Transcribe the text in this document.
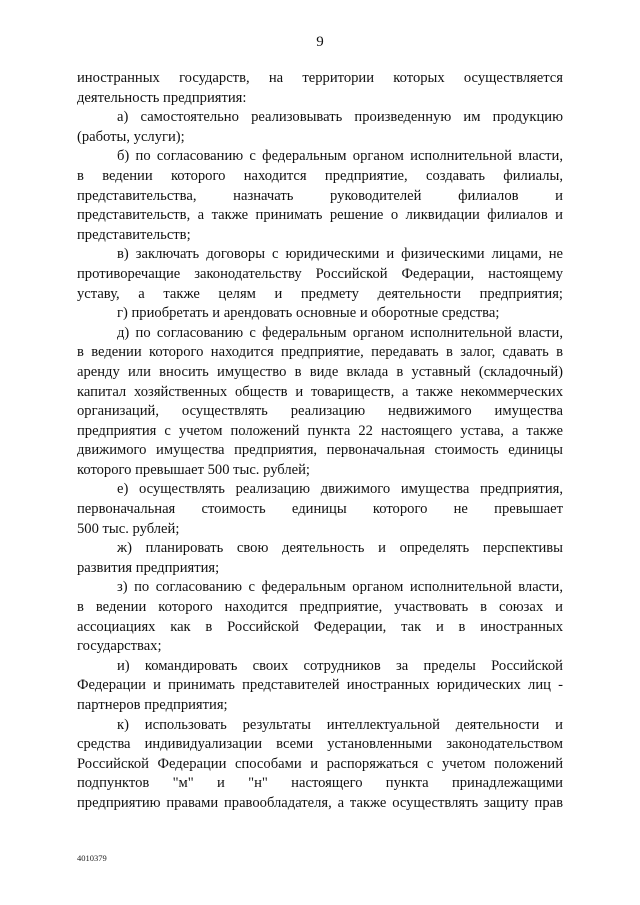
9
иностранных государств, на территории которых осуществляется
деятельность предприятия:
а) самостоятельно реализовывать произведенную им продукцию
(работы, услуги);
б) по согласованию с федеральным органом исполнительной власти,
в ведении которого находится предприятие, создавать филиалы,
представительства, назначать руководителей филиалов и
представительств, а также принимать решение о ликвидации филиалов и
представительств;
в) заключать договоры с юридическими и физическими лицами, не
противоречащие законодательству Российской Федерации, настоящему
уставу, а также целям и предмету деятельности предприятия;
г) приобретать и арендовать основные и оборотные средства;
д) по согласованию с федеральным органом исполнительной власти,
в ведении которого находится предприятие, передавать в залог, сдавать в
аренду или вносить имущество в виде вклада в уставный (складочный)
капитал хозяйственных обществ и товариществ, а также некоммерческих
организаций, осуществлять реализацию недвижимого имущества
предприятия с учетом положений пункта 22 настоящего устава, а также
движимого имущества предприятия, первоначальная стоимость единицы
которого превышает 500 тыс. рублей;
е) осуществлять реализацию движимого имущества предприятия,
первоначальная стоимость единицы которого не превышает
500 тыс. рублей;
ж) планировать свою деятельность и определять перспективы
развития предприятия;
з) по согласованию с федеральным органом исполнительной власти,
в ведении которого находится предприятие, участвовать в союзах и
ассоциациях как в Российской Федерации, так и в иностранных
государствах;
и) командировать своих сотрудников за пределы Российской
Федерации и принимать представителей иностранных юридических лиц -
партнеров предприятия;
к) использовать результаты интеллектуальной деятельности и
средства индивидуализации всеми установленными законодательством
Российской Федерации способами и распоряжаться с учетом положений
подпунктов "м" и "н" настоящего пункта принадлежащими
предприятию правами правообладателя, а также осуществлять защиту прав
4010379
